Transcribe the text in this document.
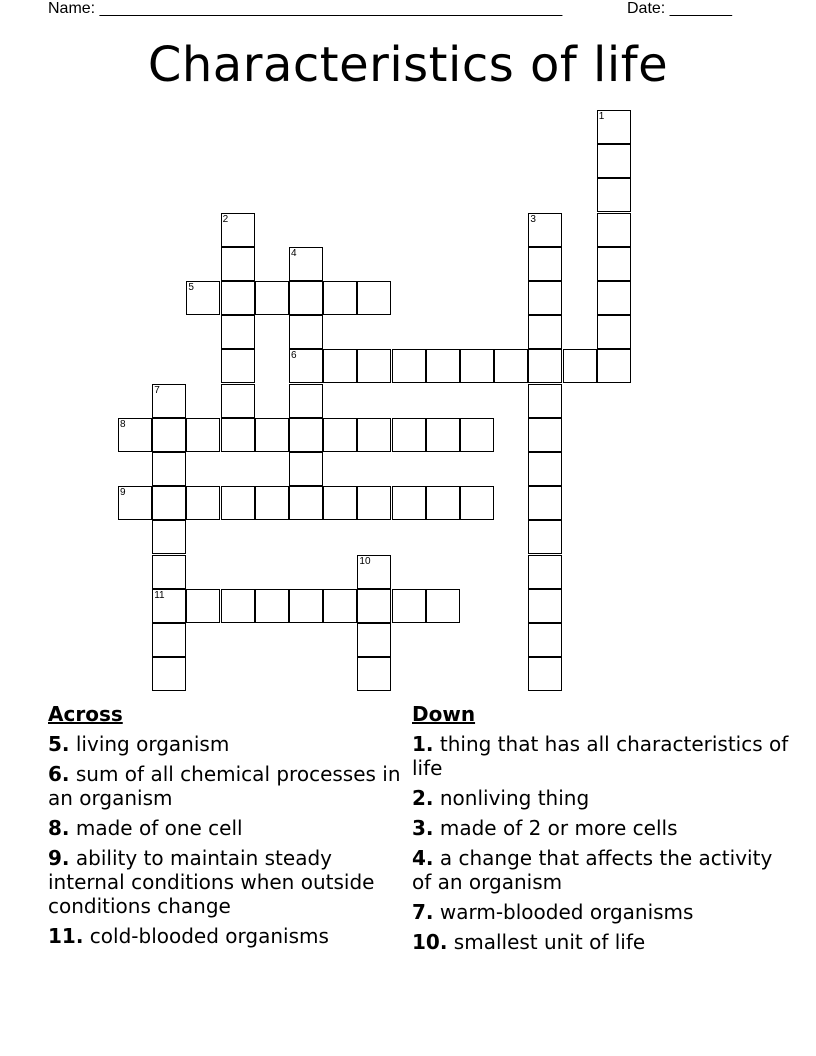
Name: ____________________________________________________	Date: _______
Characteristics of life
1
2	3
4
6
5
7
11
8
9
10
Across
5. living organism
6. sum of all chemical processes in an organism
8. made of one cell
9. ability to maintain steady internal conditions when outside conditions change
11. cold-blooded organisms
Down
1. thing that has all characteristics of life
2. nonliving thing
3. made of 2 or more cells
4. a change that affects the activity of an organism
7. warm-blooded organisms
10. smallest unit of life
